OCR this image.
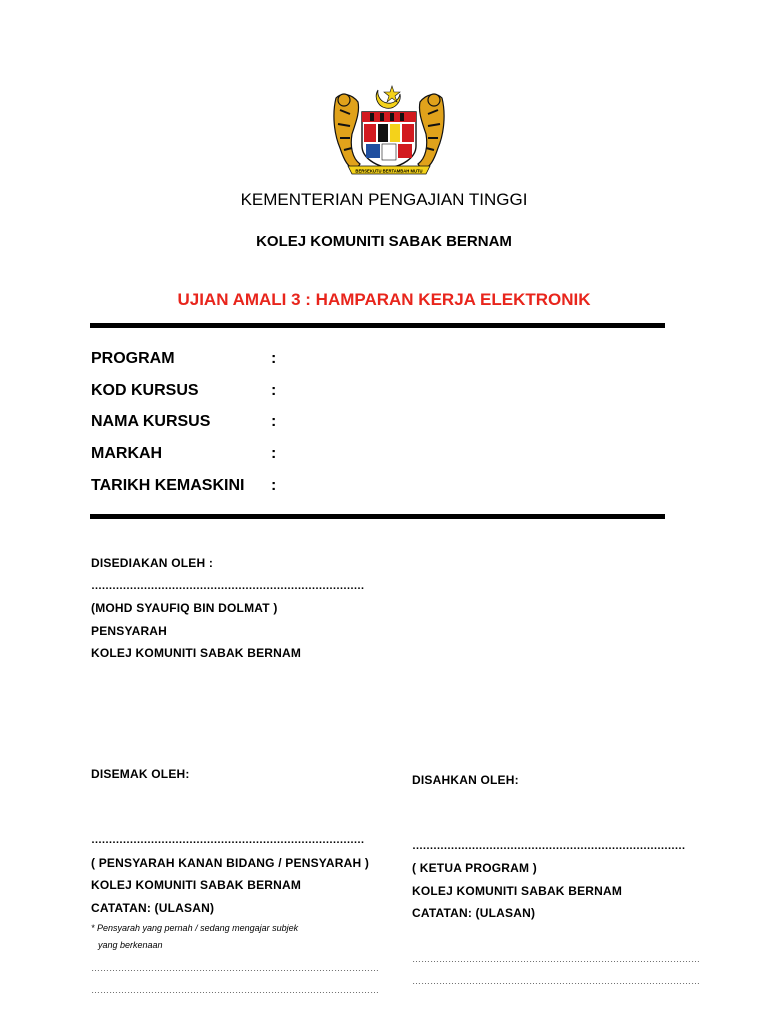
BERSEKUTU BERTAMBAH MUTU
KEMENTERIAN PENGAJIAN TINGGI
KOLEJ KOMUNITI SABAK BERNAM
UJIAN AMALI 3 : HAMPARAN KERJA ELEKTRONIK
PROGRAM	:
KOD KURSUS	:
NAMA KURSUS	:
MARKAH	:
TARIKH KEMASKINI :
DISEDIAKAN OLEH :
……………………………………………………………………
(MOHD SYAUFIQ BIN DOLMAT )
PENSYARAH
KOLEJ KOMUNITI SABAK BERNAM
DISEMAK OLEH:
……………………………………………………………………
( PENSYARAH KANAN BIDANG / PENSYARAH )
KOLEJ KOMUNITI SABAK BERNAM
CATATAN: (ULASAN)
* Pensyarah yang pernah / sedang mengajar subjek
yang berkenaan
……………………………………………………………………………………
……………………………………………………………………………………
DISAHKAN OLEH:
……………………………………………………………………
( KETUA PROGRAM )
KOLEJ KOMUNITI SABAK BERNAM
CATATAN: (ULASAN)
……………………………………………………………………………………
……………………………………………………………………………………
